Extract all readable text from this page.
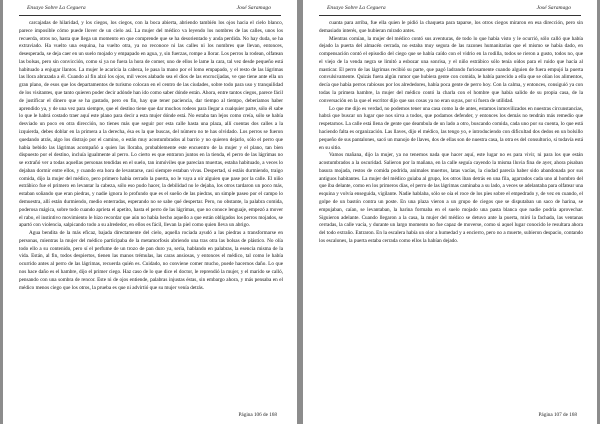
Ensayo Sobre La Ceguera	José Saramago

carcajadas de hilaridad, y los ciegos, los ciegos, con la boca abierta, abriendo también los ojos hacia el cielo blanco, parece imposible cómo puede llover de un cielo así. La mujer del médico va leyendo los nombres de las calles, unos los recuerda, otros no, hasta que llega un momento en que comprende que se ha desorientado y anda perdida. No hay duda, se ha extraviado. Ha vuelto una esquina, ha vuelto otra, ya no reconoce ni las calles ni los nombres que llevan, entonces, desesperada, se deja caer en un suelo mojado y empapado en agua, y, sin fuerzas, rompe a llorar. Los perros la rodean, olfatean las bolsas, pero sin convicción, como si ya no fuera la hora de comer, uno de ellos le lame la cara, tal vez desde pequeño está habituado a enjugar llantos. La mujer le acaricia la cabeza, le pasa la mano por el lomo empapado, y el resto de las lágrimas las llora abrazada a él. Cuando al fin alzó los ojos, mil veces alabado sea el dios de las encrucijadas, ve que tiene ante ella un gran plano, de esos que los departamentos de turismo colocan en el centro de las ciudades, sobre todo para uso y tranquilidad de los visitantes, que tanto quieren poder decir adónde han ido como saber dónde están. Ahora, entre tantos ciegos, parece fácil de justificar el dinero que se ha gastado, pero en fin, hay que tener paciencia, dar tiempo al tiempo, deberíamos haber aprendido ya, y de una vez para siempre, que el destino tiene que dar muchos rodeos para llegar a cualquier parte, sólo él sabe lo que le habrá costado traer aquí este plano para decir a esta mujer dónde está. No estaba tan lejos como creía, sólo se había desviado un poco en otra dirección, no tienes más que seguir por esta calle hasta una plaza, allí cuentas dos calles a la izquierda, debes doblar en la primera a la derecha, ésa es la que buscas, del número no te has olvidado. Los perros se fueron quedando atrás, algo los distrajo por el camino, o están muy acostumbrados al barrio y no quieren dejarlo, sólo el perro que había bebido las lágrimas acompañó a quien las lloraba, probablemente este encuentro de la mujer y el plano, tan bien dispuesto por el destino, incluía igualmente al perro. Lo cierto es que entraron juntos en la tienda, el perro de las lágrimas no se extrañó ver a todas aquellas personas tendidas en el suelo, tan inmóviles que parecían muertas, estaba habituado, a veces lo dejaban dormir entre ellos, y cuando era hora de levantarse, casi siempre estaban vivas. Despertad, si estáis durmiendo, traigo comida, dijo la mujer del médico, pero primero había cerrado la puerta, no le vaya a oír alguien que pase por la calle. El niño estrábico fue el primero en levantar la cabeza, sólo eso pudo hacer, la debilidad no le dejaba, los otros tardaron un poco más, estaban soñando que eran piedras, y nadie ignora lo profundo que es el sueño de las piedras, un simple paseo por el campo lo demuestra, allí están durmiendo, medio enterradas, esperando no se sabe qué despertar. Pero, no obstante, la palabra comida, poderosa mágica, sobre todo cuando aprieta el apetito, hasta el perro de las lágrimas, que no conoce lenguaje, empezó a mover el rabo, el instintivo movimiento le hizo recordar que aún no había hecho aquello a que están obligados los perros mojados, se apartó con violencia, salpicando todo a su alrededor, en ellos es fácil, llevan la piel como quien lleva un abrigo.

Agua bendita de la más eficaz, bajada directamente del cielo, aquella rociada ayudó a las piedras a transformarse en personas, mientras la mujer del médico participaba de la metamorfosis abriendo una tras otra las bolsas de plástico. No olía todo ello a su contenido, pero sí el perfume de un trozo de pan duro ya, seria, hablando en palabras, la esencia misma de la vida. Están, al fin, todos despiertos, tienen las manos trémulas, las caras ansiosas, y entonces el médico, tal como le había ocurrido antes al perro de las lágrimas, recuerda quién es. Cuidado, no conviene comer mucho, puede hacernos daño. Lo que nos hace daño es el hambre, dijo el primer ciego. Haz caso de lo que dice el doctor, le reprendió la mujer, y el marido se calló, pensando con una sombra de rencor. Este ni de ojos entiende, palabras injustas éstas, sin embargo ahora, y más pensaba en el médico menos ciego que los otros, la prueba es que ni advirtió que su mujer venía detrás.

Página 106 de 168
Ensayo Sobre La Ceguera	José Saramago

cuanta para arriba, fue ella quien le pidió la chaqueta para taparse, los otros ciegos miraron en esa dirección, pero sin demasiado interés, que hubieran mirado antes.

Mientras comían, la mujer del médico contó sus aventuras, de todo lo que había visto y le ocurrió, sólo calló que había dejado la puerta del almacén cerrada, no estaba muy segura de las razones humanitarias que el mismo se había dado, en compensación contó el episodio del ciego que se había caído con el vidrio en la rodilla, todos se rieron a gusto, todos no, que el viejo de la venda negra se limitó a esbozar una sonrisa, y el niño estrábico sólo tenía oídos para el ruido que hacía al masticar. El perro de las lágrimas recibió su parte, que pagó ladrando furiosamente cuando alguien de fuera empujó la puerta convulsivamente. Quizás fuera algún rumor que hubiera gente con comida, le había parecido a ella que se olían los alimentos, decía que había perros rabiosos por los alrededores, había poca gente de perro hoy. Con la calma, y entonces, consiguió ya con todas la primera hambre, la mujer del médico contó la charla con el hombre que había salido de su propia casa, de la conversación en la que el escritor dijo que sus cosas ya no eran suyas, por si fuera de utilidad.

Lo que me dijo es verdad, no podemos tener una casa como la de antes, estamos inmovilizados en nuestras circunstancias, habrá que buscar un lugar que nos sirva a todos, que podamos defender, y entonces los demás no tendrán más remedio que respetarnos. La calle está llena de gente que deambula de un lado a otro, buscando comida, cada uno por su cuenta, lo que está haciendo falta es organización. Las llaves, dijo el médico, las tengo yo, e introduciendo con dificultad dos dedos en un bolsillo pequeño de sus pantalones, sacó un manojo de llaves, dos de ellas son de nuestra casa, la otra es del consultorio, si todavía está en su sitio.

Vamos mañana, dijo la mujer, ya no tenemos nada que hacer aquí, este lugar no es para vivir, ni para los que están acostumbrados a la oscuridad. Salieron por la mañana, en la calle seguía cayendo la misma lluvia fina de ayer, ahora pisaban basura mojada, restos de comida podrida, animales muertos, latas vacías, la ciudad parecía haber sido abandonada por sus antiguos habitantes. La mujer del médico guiaba al grupo, los otros iban detrás en una fila, agarrados cada uno al hombro del que iba delante, como en los primeros días, el perro de las lágrimas caminaba a su lado, a veces se adelantaba para olfatear una esquina y volvía enseguida, vigilante. Nadie hablaba, sólo se oía el roce de los pies sobre el empedrado y, de vez en cuando, el golpe de un bastón contra un poste. En una plaza vieron a un grupo de ciegos que se disputaban un saco de harina, se empujaban, caían, se levantaban, la harina formaba en el suelo mojado una pasta blanca que nadie podría aprovechar. Siguieron adelante. Cuando llegaron a la casa, la mujer del médico se detuvo ante la puerta, miró la fachada, las ventanas cerradas, la calle vacía, y durante un largo momento no fue capaz de moverse, como si aquel lugar conocido le resultara ahora del todo extraño. Entraron. En la escalera había un olor a humedad y a encierro, pero no a muerte, subieron despacio, contando los escalones, la puerta estaba cerrada como ellos la habían dejado.

Página 107 de 168
